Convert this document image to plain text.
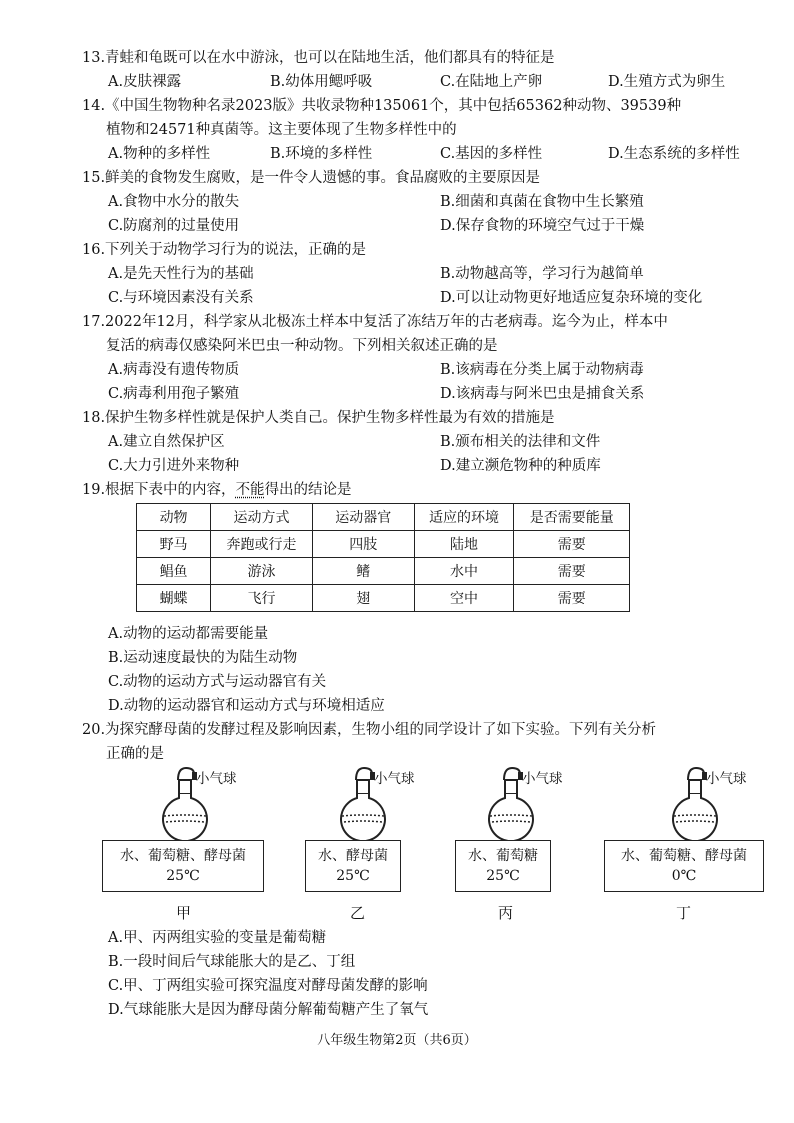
13.青蛙和龟既可以在水中游泳，也可以在陆地生活，他们都具有的特征是
A.皮肤裸露	B.幼体用鳃呼吸	C.在陆地上产卵	D.生殖方式为卵生
14.《中国生物物种名录2023版》共收录物种135061个，其中包括65362种动物、39539种
植物和24571种真菌等。这主要体现了生物多样性中的
A.物种的多样性	B.环境的多样性	C.基因的多样性	D.生态系统的多样性
15.鲜美的食物发生腐败，是一件令人遗憾的事。食品腐败的主要原因是
A.食物中水分的散失	B.细菌和真菌在食物中生长繁殖
C.防腐剂的过量使用	D.保存食物的环境空气过于干燥
16.下列关于动物学习行为的说法，正确的是
A.是先天性行为的基础	B.动物越高等，学习行为越简单
C.与环境因素没有关系	D.可以让动物更好地适应复杂环境的变化
17.2022年12月，科学家从北极冻土样本中复活了冻结万年的古老病毒。迄今为止，样本中
复活的病毒仅感染阿米巴虫一种动物。下列相关叙述正确的是
A.病毒没有遗传物质	B.该病毒在分类上属于动物病毒
C.病毒利用孢子繁殖	D.该病毒与阿米巴虫是捕食关系
18.保护生物多样性就是保护人类自己。保护生物多样性最为有效的措施是
A.建立自然保护区	B.颁布相关的法律和文件
C.大力引进外来物种	D.建立濒危物种的种质库
19.根据下表中的内容，不能得出的结论是
动物	运动方式	运动器官	适应的环境	是否需要能量
野马	奔跑或行走	四肢	陆地	需要
鲳鱼	游泳	鳍	水中	需要
蝴蝶	飞行	翅	空中	需要
A.动物的运动都需要能量
B.运动速度最快的为陆生动物
C.动物的运动方式与运动器官有关
D.动物的运动器官和运动方式与环境相适应
20.为探究酵母菌的发酵过程及影响因素，生物小组的同学设计了如下实验。下列有关分析
正确的是
小气球	小气球	小气球	小气球
水、葡萄糖、酵母菌
25℃
水、酵母菌
25℃
水、葡萄糖
25℃
水、葡萄糖、酵母菌
0℃
甲	乙	丙	丁
A.甲、丙两组实验的变量是葡萄糖
B.一段时间后气球能胀大的是乙、丁组
C.甲、丁两组实验可探究温度对酵母菌发酵的影响
D.气球能胀大是因为酵母菌分解葡萄糖产生了氧气
八年级生物第2页（共6页）
